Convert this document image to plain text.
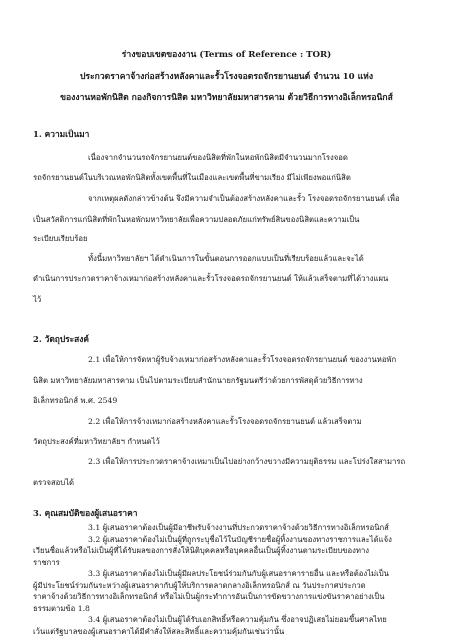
ร่างขอบเขตของงาน (Terms of Reference : TOR)
ประกวดราคาจ้างก่อสร้างหลังคาและรั้วโรงจอดรถจักรยานยนต์ จำนวน 10 แห่ง
ของงานหอพักนิสิต กองกิจการนิสิต มหาวิทยาลัยมหาสารคาม ด้วยวิธีการทางอิเล็กทรอนิกส์
1. ความเป็นมา
เนื่องจากจำนวนรถจักรยานยนต์ของนิสิตที่พักในหอพักนิสิตมีจำนวนมากโรงจอด
รถจักรยานยนต์ในบริเวณหอพักนิสิตทั้งเขตพื้นที่ในเมืองและเขตพื้นที่ขามเรียง มีไม่เพียงพอแก่นิสิต
จากเหตุผลดังกล่าวข้างต้น จึงมีความจำเป็นต้องสร้างหลังคาและรั้ว โรงจอดรถจักรยานยนต์ เพื่อ
เป็นสวัสดิการแก่นิสิตที่พักในหอพักมหาวิทยาลัยเพื่อความปลอดภัยแก่ทรัพย์สินของนิสิตและความเป็น
ระเบียบเรียบร้อย
ทั้งนี้มหาวิทยาลัยฯ ได้ดำเนินการในขั้นตอนการออกแบบเป็นที่เรียบร้อยแล้วและจะได้
ดำเนินการประกวดราคาจ้างเหมาก่อสร้างหลังคาและรั้วโรงจอดรถจักรยานยนต์ ให้แล้วเสร็จตามที่ได้วางแผน
ไว้
2. วัตถุประสงค์
2.1 เพื่อให้การจัดหาผู้รับจ้างเหมาก่อสร้างหลังคาและรั้วโรงจอดรถจักรยานยนต์ ของงานหอพัก
นิสิต มหาวิทยาลัยมหาสารคาม เป็นไปตามระเบียบสำนักนายกรัฐมนตรีว่าด้วยการพัสดุด้วยวิธีการทาง
อิเล็กทรอนิกส์ พ.ศ. 2549
2.2 เพื่อให้การจ้างเหมาก่อสร้างหลังคาและรั้วโรงจอดรถจักรยานยนต์ แล้วเสร็จตาม
วัตถุประสงค์ที่มหาวิทยาลัยฯ กำหนดไว้
2.3 เพื่อให้การประกวดราคาจ้างเหมาเป็นไปอย่างกว้างขวางมีความยุติธรรม และโปร่งใสสามารถ
ตรวจสอบได้
3. คุณสมบัติของผู้เสนอราคา
3.1 ผู้เสนอราคาต้องเป็นผู้มีอาชีพรับจ้างงานที่ประกวดราคาจ้างด้วยวิธีการทางอิเล็กทรอนิกส์
3.2 ผู้เสนอราคาต้องไม่เป็นผู้ที่ถูกระบุชื่อไว้ในบัญชีรายชื่อผู้ทิ้งงานของทางราชการและได้แจ้ง
เวียนชื่อแล้วหรือไม่เป็นผู้ที่ได้รับผลของการสั่งให้นิติบุคคลหรือบุคคลอื่นเป็นผู้ทิ้งงานตามระเบียบของทาง
ราชการ
3.3 ผู้เสนอราคาต้องไม่เป็นผู้มีผลประโยชน์ร่วมกันกับผู้เสนอราคารายอื่น และหรือต้องไม่เป็น
ผู้มีประโยชน์ร่วมกันระหว่างผู้เสนอราคากับผู้ให้บริการตลาดกลางอิเล็กทรอนิกส์ ณ วันประกาศประกวด
ราคาจ้างด้วยวิธีการทางอิเล็กทรอนิกส์ หรือไม่เป็นผู้กระทำการอันเป็นการขัดขวางการแข่งขันราคาอย่างเป็น
ธรรมตามข้อ 1.8
3.4 ผู้เสนอราคาต้องไม่เป็นผู้ได้รับเอกสิทธิ์หรือความคุ้มกัน ซึ่งอาจปฏิเสธไม่ยอมขึ้นศาลไทย
เว้นแต่รัฐบาลของผู้เสนอราคาได้มีคำสั่งให้สละสิทธิ์และความคุ้มกันเช่นว่านั้น
